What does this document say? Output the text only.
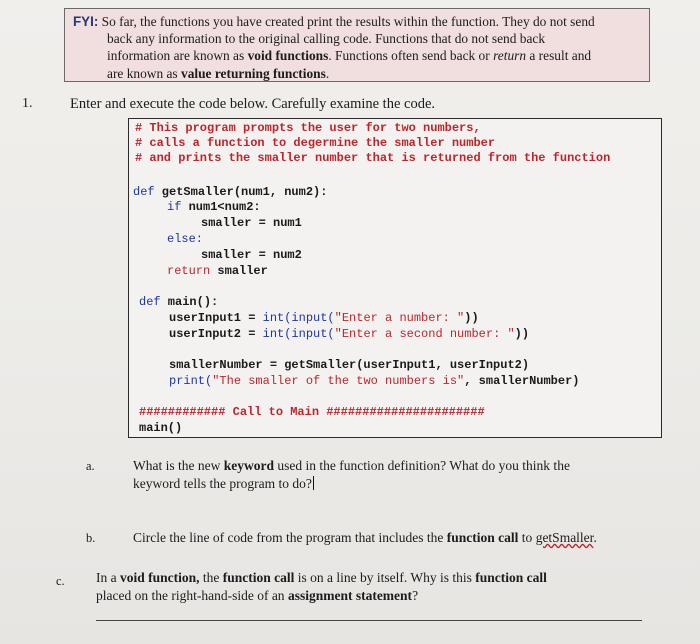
FYI: So far, the functions you have created print the results within the function. They do not send
back any information to the original calling code. Functions that do not send back
information are known as void functions. Functions often send back or return a result and
are known as value returning functions.
1.	Enter and execute the code below. Carefully examine the code.
# This program prompts the user for two numbers,
# calls a function to degermine the smaller number
# and prints the smaller number that is returned from the function
def getSmaller(num1, num2):
if num1<num2:
smaller = num1
else:
smaller = num2
return smaller
def main():
userInput1 = int(input("Enter a number: "))
userInput2 = int(input("Enter a second number: "))
smallerNumber = getSmaller(userInput1, userInput2)
print("The smaller of the two numbers is", smallerNumber)
############ Call to Main ######################
main()
a.	What is the new keyword used in the function definition? What do you think the
keyword tells the program to do?
b.	Circle the line of code from the program that includes the function call to getSmaller.
c. In a void function, the function call is on a line by itself. Why is this function call
placed on the right-hand-side of an assignment statement?
